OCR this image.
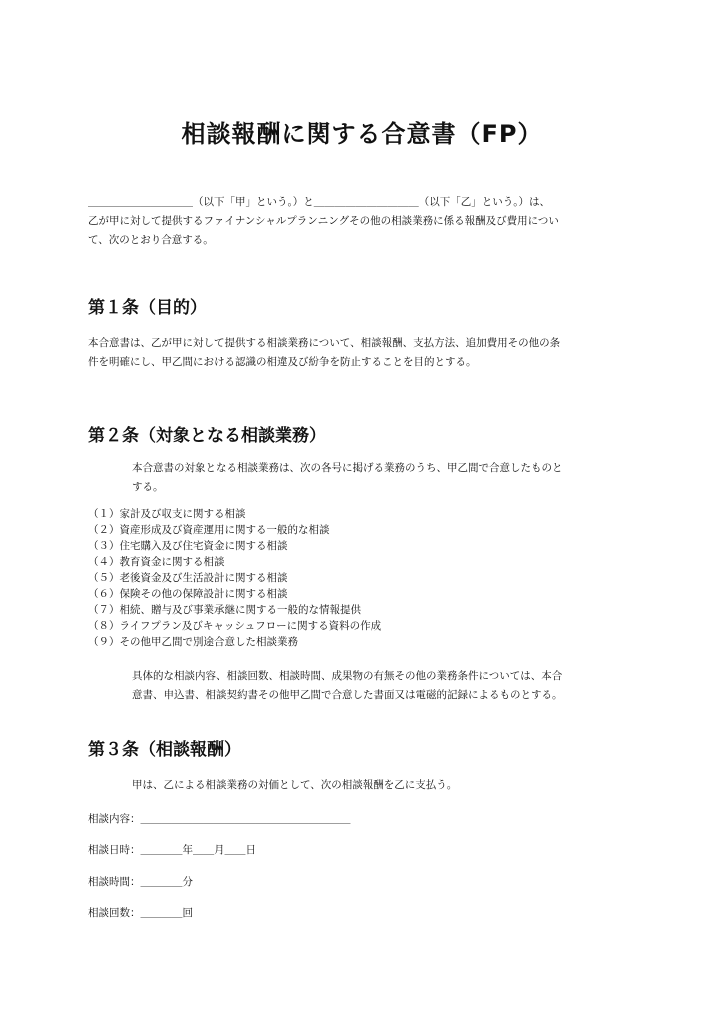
相談報酬に関する合意書（FP）

＿＿＿＿＿＿＿＿＿＿（以下「甲」という。）と＿＿＿＿＿＿＿＿＿＿（以下「乙」という。）は、

乙が甲に対して提供するファイナンシャルプランニングその他の相談業務に係る報酬及び費用につい

て、次のとおり合意する。

第１条（目的）

本合意書は、乙が甲に対して提供する相談業務について、相談報酬、支払方法、追加費用その他の条

件を明確にし、甲乙間における認識の相違及び紛争を防止することを目的とする。

第２条（対象となる相談業務）

本合意書の対象となる相談業務は、次の各号に掲げる業務のうち、甲乙間で合意したものと

する。

（１）家計及び収支に関する相談
（２）資産形成及び資産運用に関する一般的な相談
（３）住宅購入及び住宅資金に関する相談
（４）教育資金に関する相談
（５）老後資金及び生活設計に関する相談
（６）保険その他の保障設計に関する相談
（７）相続、贈与及び事業承継に関する一般的な情報提供
（８）ライフプラン及びキャッシュフローに関する資料の作成
（９）その他甲乙間で別途合意した相談業務

具体的な相談内容、相談回数、相談時間、成果物の有無その他の業務条件については、本合

意書、申込書、相談契約書その他甲乙間で合意した書面又は電磁的記録によるものとする。

第３条（相談報酬）
甲は、乙による相談業務の対価として、次の相談報酬を乙に支払う。
相談内容：＿＿＿＿＿＿＿＿＿＿＿＿＿＿＿＿＿＿＿＿
相談日時：＿＿＿＿年＿＿月＿＿日
相談時間：＿＿＿＿分
相談回数：＿＿＿＿回
